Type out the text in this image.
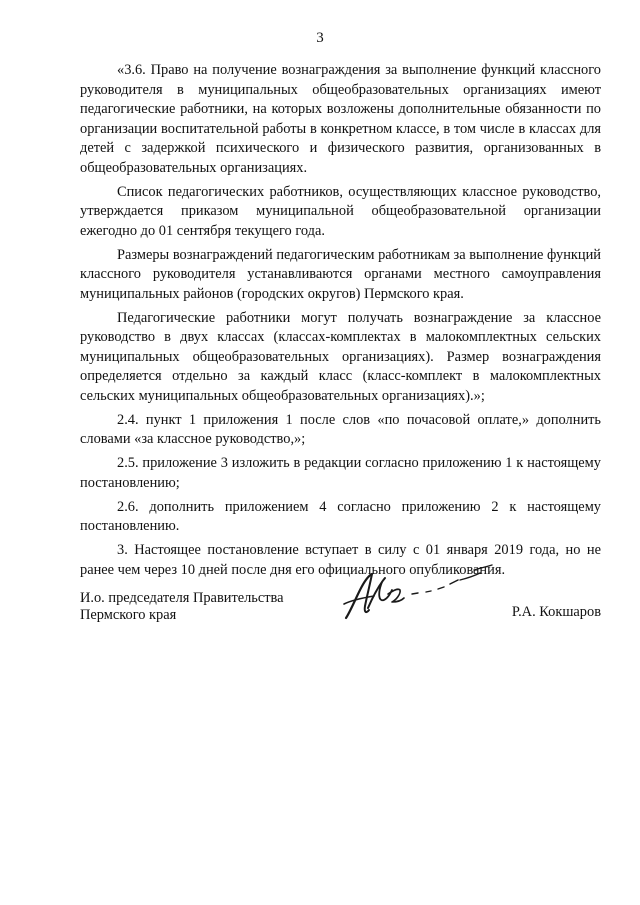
3

«3.6. Право на получение вознаграждения за выполнение функций классного руководителя в муниципальных общеобразовательных организациях имеют педагогические работники, на которых возложены дополнительные обязанности по организации воспитательной работы в конкретном классе, в том числе в классах для детей с задержкой психического и физического развития, организованных в общеобразовательных организациях.

Список педагогических работников, осуществляющих классное руководство, утверждается приказом муниципальной общеобразовательной организации ежегодно до 01 сентября текущего года.

Размеры вознаграждений педагогическим работникам за выполнение функций классного руководителя устанавливаются органами местного самоуправления муниципальных районов (городских округов) Пермского края.

Педагогические работники могут получать вознаграждение за классное руководство в двух классах (классах-комплектах в малокомплектных сельских муниципальных общеобразовательных организациях). Размер вознаграждения определяется отдельно за каждый класс (класс-комплект в малокомплектных сельских муниципальных общеобразовательных организациях).»;

2.4. пункт 1 приложения 1 после слов «по почасовой оплате,» дополнить словами «за классное руководство,»;

2.5. приложение 3 изложить в редакции согласно приложению 1 к настоящему постановлению;

2.6. дополнить приложением 4 согласно приложению 2 к настоящему постановлению.

3. Настоящее постановление вступает в силу с 01 января 2019 года, но не ранее чем через 10 дней после дня его официального опубликования.

И.о. председателя Правительства
Пермского края	Р.А. Кокшаров
